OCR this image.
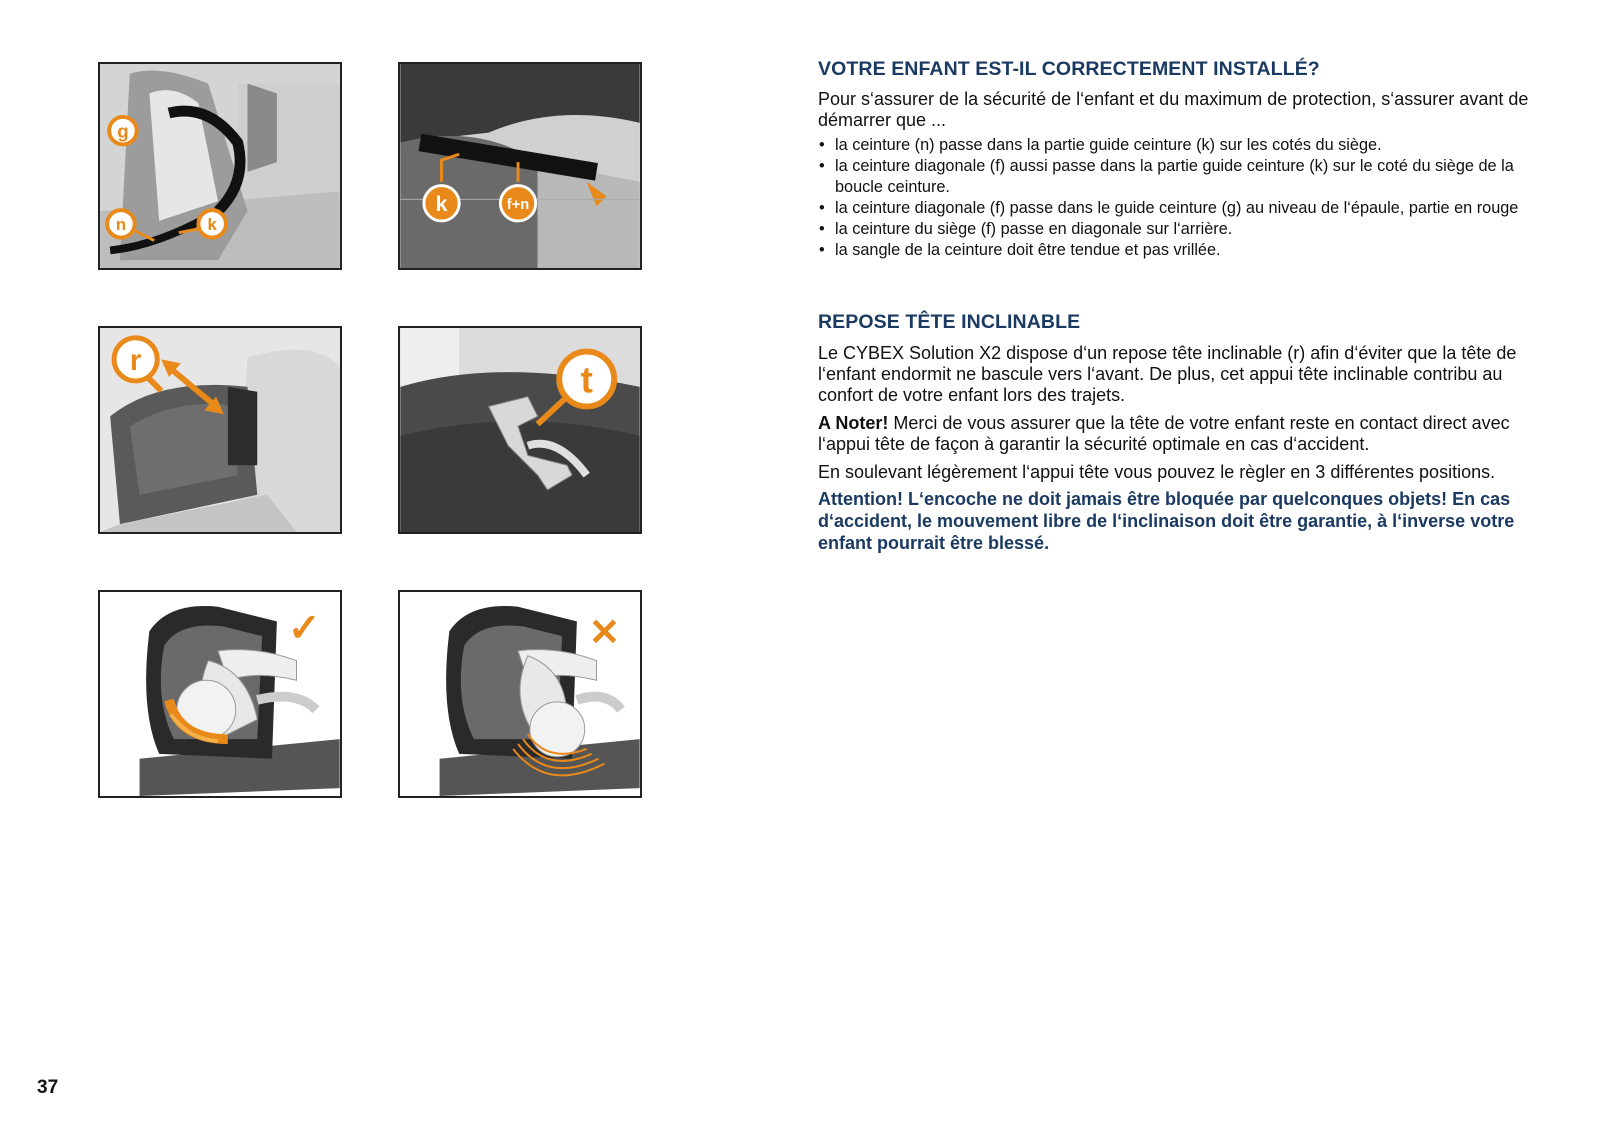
g
n	k
k	f+n
r	t
✓	✕
VOTRE ENFANT EST-IL CORRECTEMENT INSTALLÉ?

Pour s‘assurer de la sécurité de l‘enfant et du maximum de protection, s‘assurer avant de démarrer que ...

• la ceinture (n) passe dans la partie guide ceinture (k) sur les cotés du siège.
• la ceinture diagonale (f) aussi passe dans la partie guide ceinture (k) sur le coté du siège de la boucle ceinture.
• la ceinture diagonale (f) passe dans le guide ceinture (g) au niveau de l‘épaule, partie en rouge
• la ceinture du siège (f) passe en diagonale sur l‘arrière.
• la sangle de la ceinture doit être tendue et pas vrillée.
REPOSE TÊTE INCLINABLE

Le CYBEX Solution X2 dispose d‘un repose tête inclinable (r) afin d‘éviter que la tête de l‘enfant endormit ne bascule vers l‘avant. De plus, cet appui tête inclinable contribu au confort de votre enfant lors des trajets.

A Noter! Merci de vous assurer que la tête de votre enfant reste en contact direct avec l‘appui tête de façon à garantir la sécurité optimale en cas d‘accident.

En soulevant légèrement l‘appui tête vous pouvez le règler en 3 différentes positions.

Attention! L‘encoche ne doit jamais être bloquée par quelconques objets! En cas d‘accident, le mouvement libre de l‘inclinaison doit être garantie, à l‘inverse votre enfant pourrait être blessé.

37
